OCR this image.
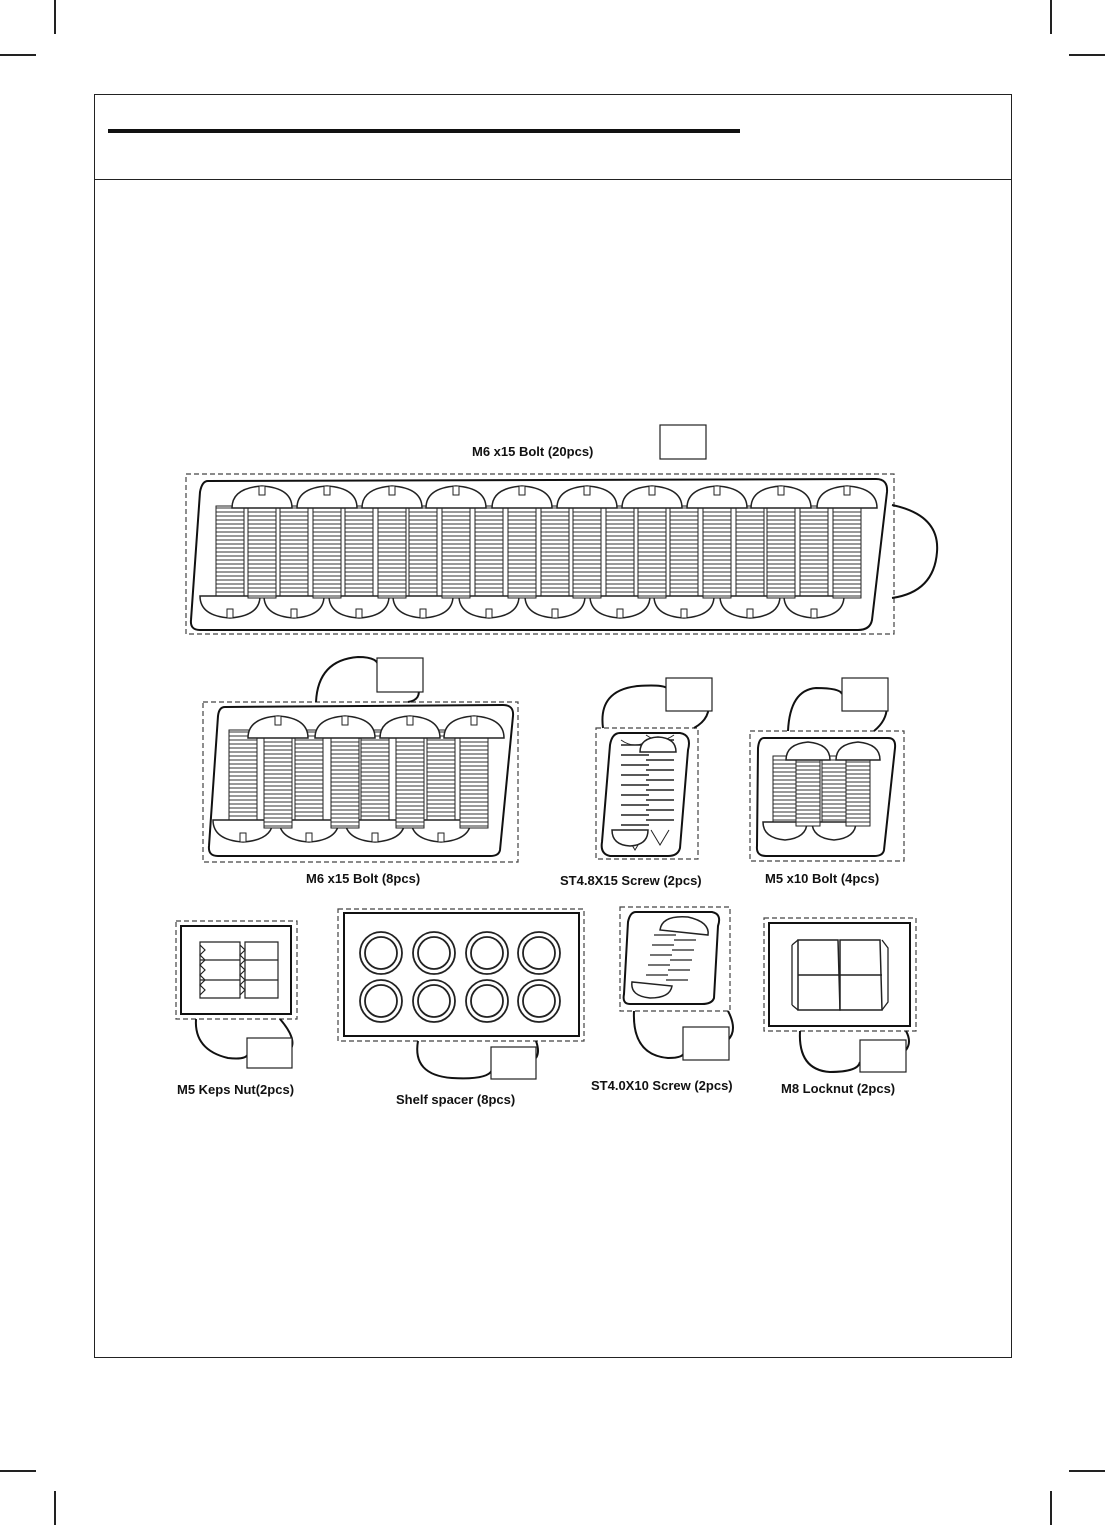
M6 x15 Bolt (20pcs)
M6 x15 Bolt (8pcs)	ST4.8X15 Screw (2pcs)	M5 x10 Bolt (4pcs)
M5 Keps Nut(2pcs)
Shelf spacer (8pcs)
ST4.0X10 Screw (2pcs)	M8 Locknut (2pcs)
